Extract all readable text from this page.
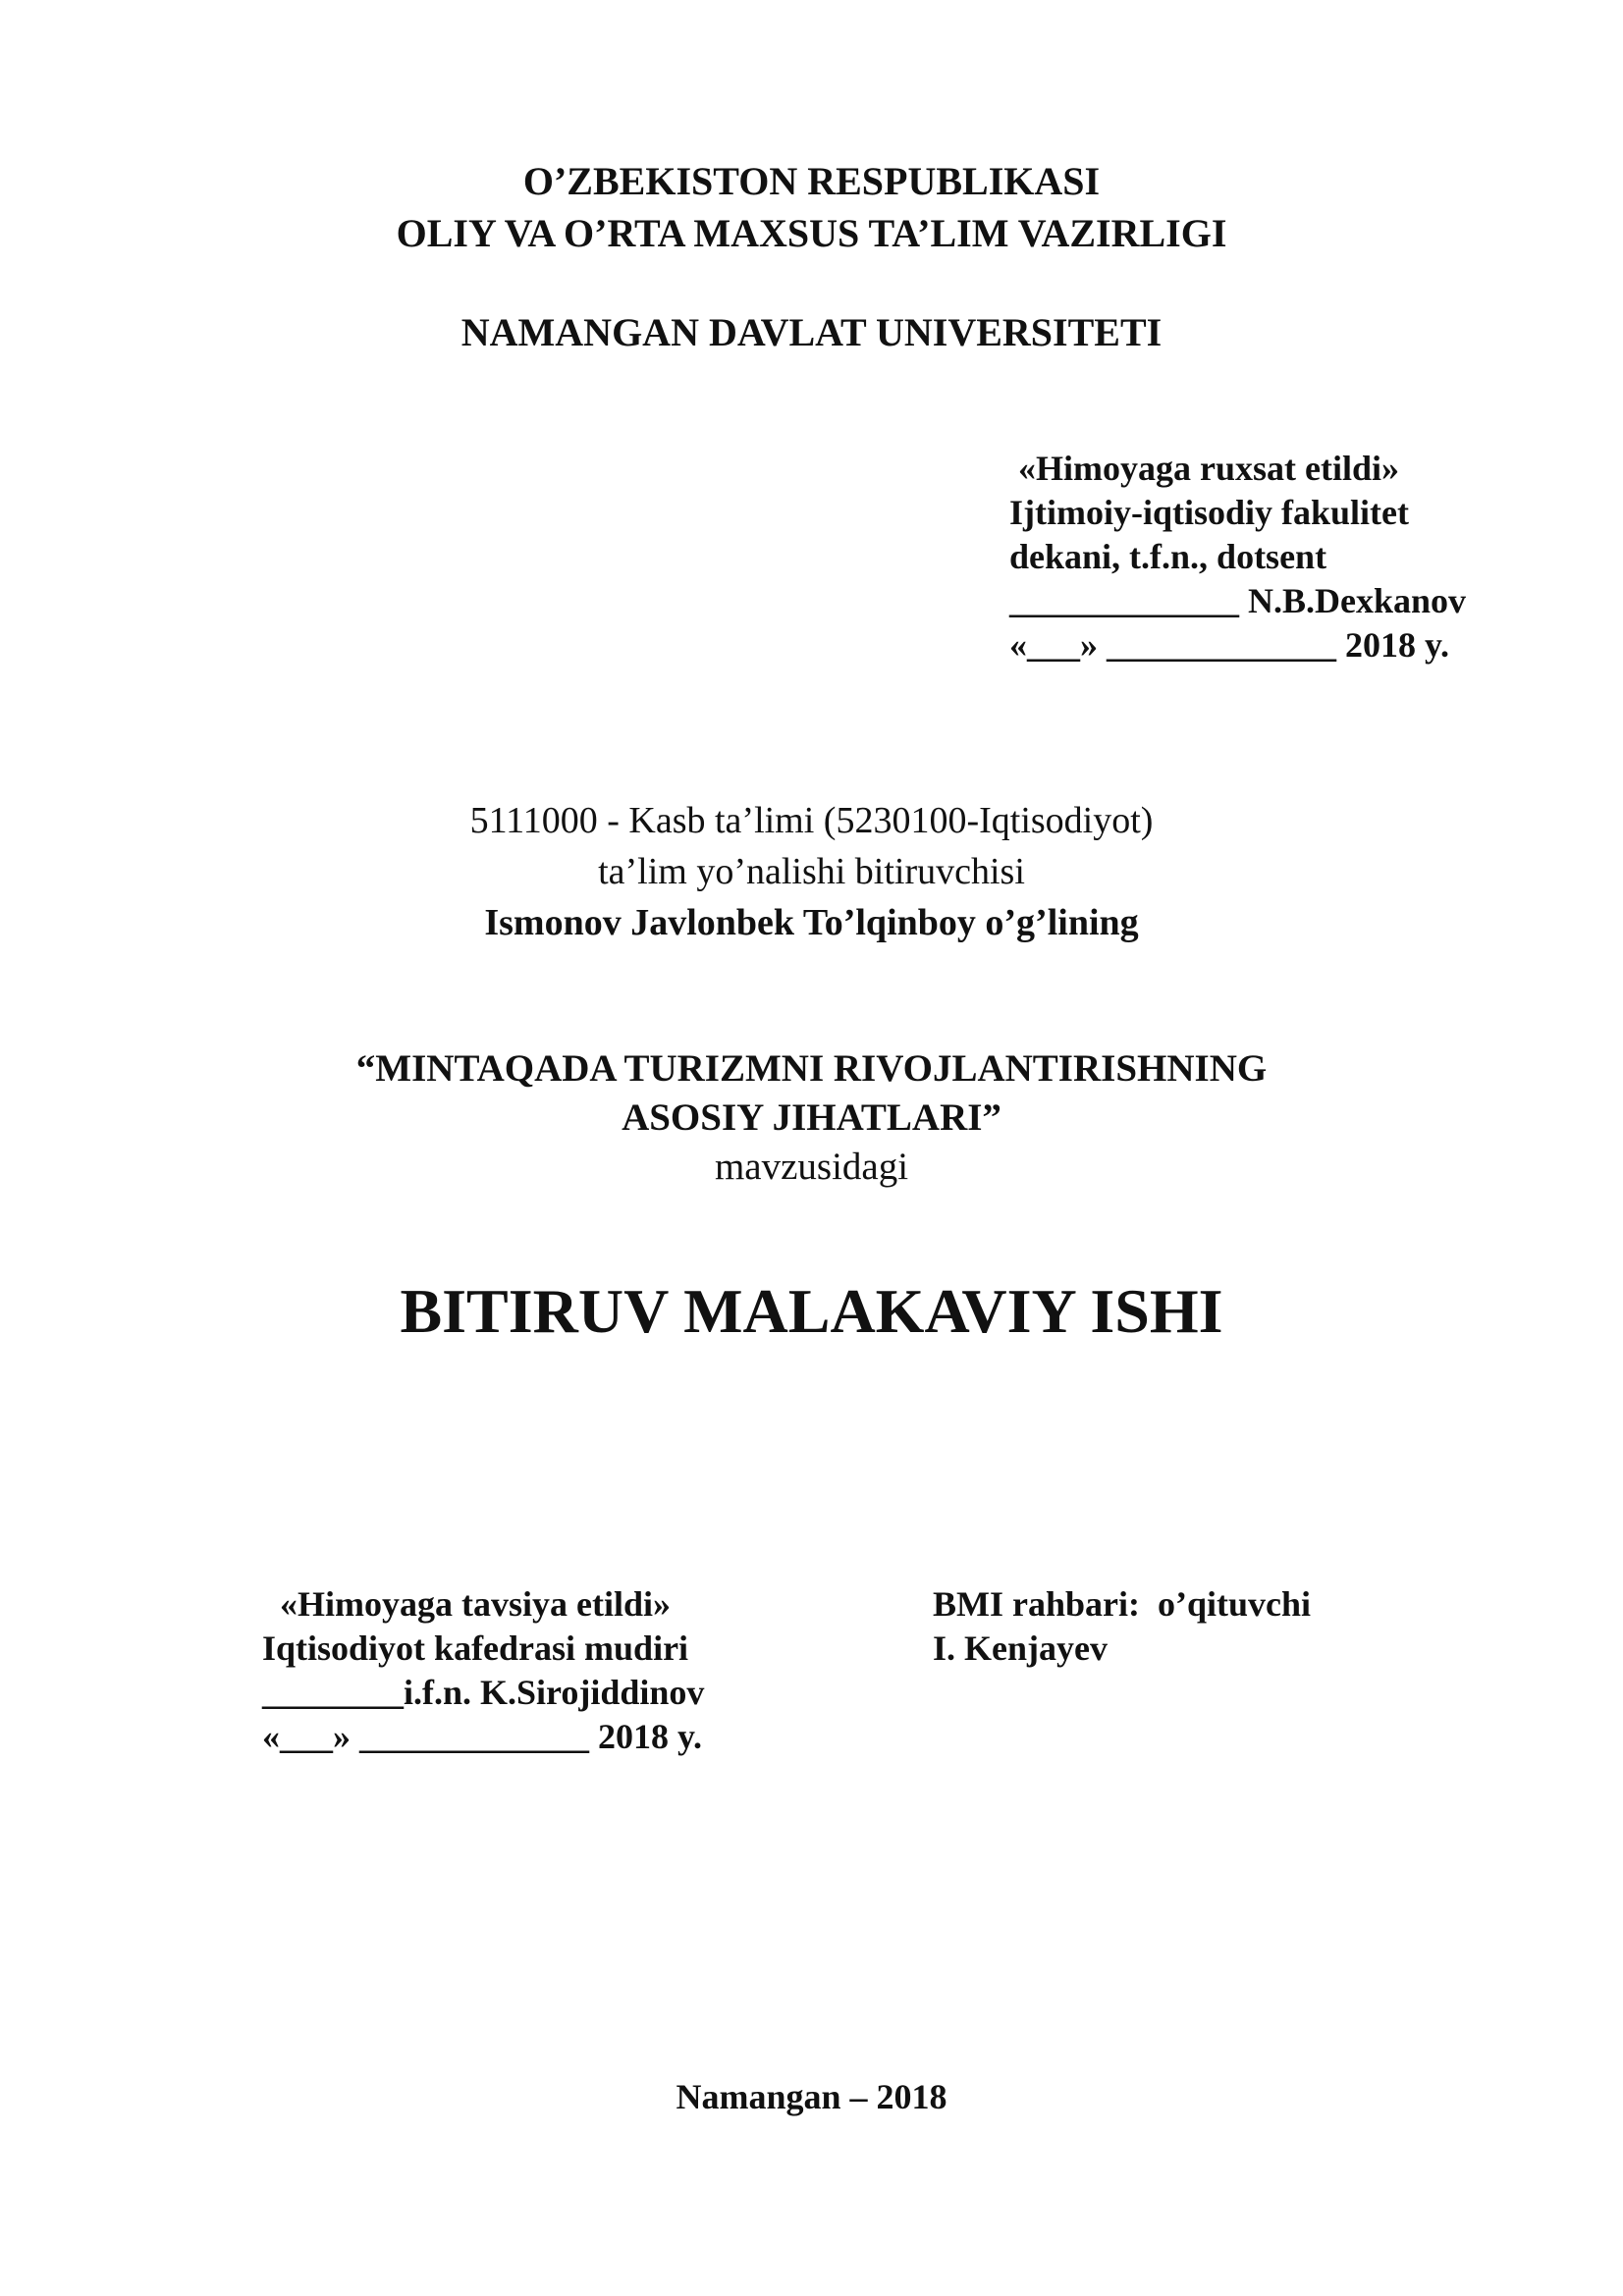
O’ZBEKISTON RESPUBLIKASI
OLIY VA O’RTA MAXSUS TA’LIM VAZIRLIGI
NAMANGAN DAVLAT UNIVERSITETI
«Himoyaga ruxsat etildi»
Ijtimoiy-iqtisodiy fakulitet
dekani, t.f.n., dotsent
_____________ N.B.Dexkanov
«___» _____________ 2018 y.
5111000 - Kasb ta’limi (5230100-Iqtisodiyot)
ta’lim yo’nalishi bitiruvchisi
Ismonov Javlonbek To’lqinboy o’g’lining
“MINTAQADA TURIZMNI RIVOJLANTIRISHNING
ASOSIY JIHATLARI”
mavzusidagi
BITIRUV MALAKAVIY ISHI
«Himoyaga tavsiya etildi»
Iqtisodiyot kafedrasi mudiri
________i.f.n. K.Sirojiddinov
«___» _____________ 2018 y.
BMI rahbari:  o’qituvchi
I. Kenjayev
Namangan – 2018
